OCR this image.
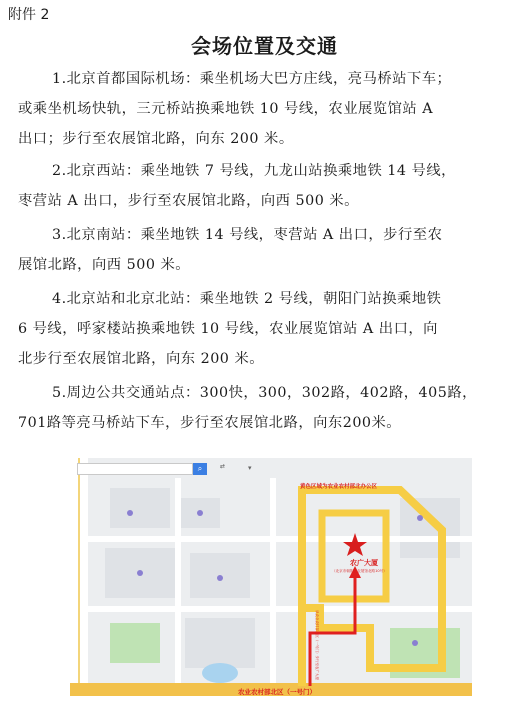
附件 2
会场位置及交通
1.北京首都国际机场：乘坐机场大巴方庄线，亮马桥站下车；
或乘坐机场快轨，三元桥站换乘地铁 10 号线，农业展览馆站 A
出口；步行至农展馆北路，向东 200 米。
2.北京西站：乘坐地铁 7 号线，九龙山站换乘地铁 14 号线，
枣营站 A 出口，步行至农展馆北路，向西 500 米。
3.北京南站：乘坐地铁 14 号线，枣营站 A 出口，步行至农
展馆北路，向西 500 米。
4.北京站和北京北站：乘坐地铁 2 号线，朝阳门站换乘地铁
6 号线，呼家楼站换乘地铁 10 号线，农业展览馆站 A 出口，向
北步行至农展馆北路，向东 200 米。
5.周边公共交通站点：300快，300，302路，402路，405路，
701路等亮马桥站下车，步行至农展馆北路，向东200米。
农广大厦
（北京市朝阳区农展馆北路10号）
黄色区域为农业农村部北办公区
农业农村部北区（一号门）
从农业农村部北区（一号门）步行至农广大厦
⌕	⇄	▾
